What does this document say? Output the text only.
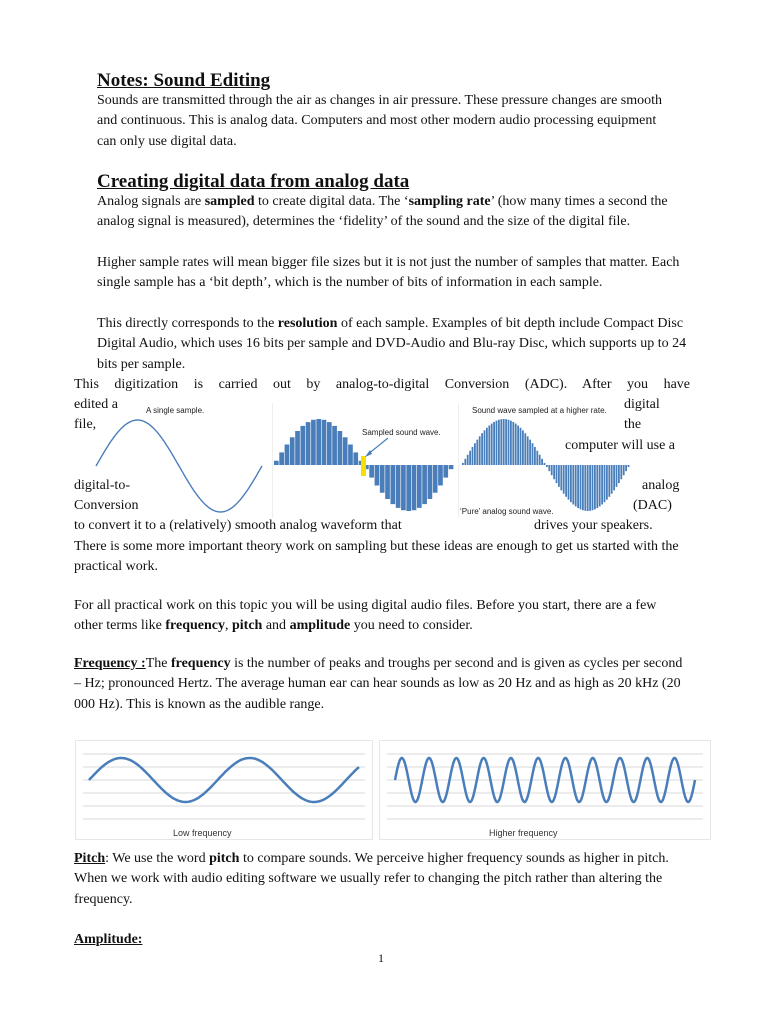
Notes: Sound Editing
Sounds are transmitted through the air as changes in air pressure. These pressure changes are smooth and continuous. This is analog data. Computers and most other modern audio processing equipment can only use digital data.
Creating digital data from analog data
Analog signals are sampled to create digital data. The ‘sampling rate’ (how many times a second the analog signal is measured), determines the ‘fidelity’ of the sound and the size of the digital file.
Higher sample rates will mean bigger file sizes but it is not just the number of samples that matter. Each single sample has a ‘bit depth’, which is the number of bits of information in each sample.
This directly corresponds to the resolution of each sample. Examples of bit depth include Compact Disc Digital Audio, which uses 16 bits per sample and DVD-Audio and Blu-ray Disc, which supports up to 24 bits per sample.
This digitization is carried out by analog-to-digital Conversion (ADC). After you have
edited a	digital
file,	the
computer will use a
digital-to-	analog
Conversion	(DAC)
to convert it to a (relatively) smooth analog waveform that	drives your speakers.
There is some more important theory work on sampling but these ideas are enough to get us started with the practical work.
A single sample.
Sampled sound wave.
Sound wave sampled at a higher rate.
‘Pure’ analog sound wave.
For all practical work on this topic you will be using digital audio files. Before you start, there are a few other terms like frequency, pitch and amplitude you need to consider.
Frequency :The frequency is the number of peaks and troughs per second and is given as cycles per second – Hz; pronounced Hertz. The average human ear can hear sounds as low as 20 Hz and as high as 20 kHz (20 000 Hz). This is known as the audible range.
Low frequency	Higher frequency
Pitch: We use the word pitch to compare sounds. We perceive higher frequency sounds as higher in pitch. When we work with audio editing software we usually refer to changing the pitch rather than altering the frequency.
Amplitude:
1
